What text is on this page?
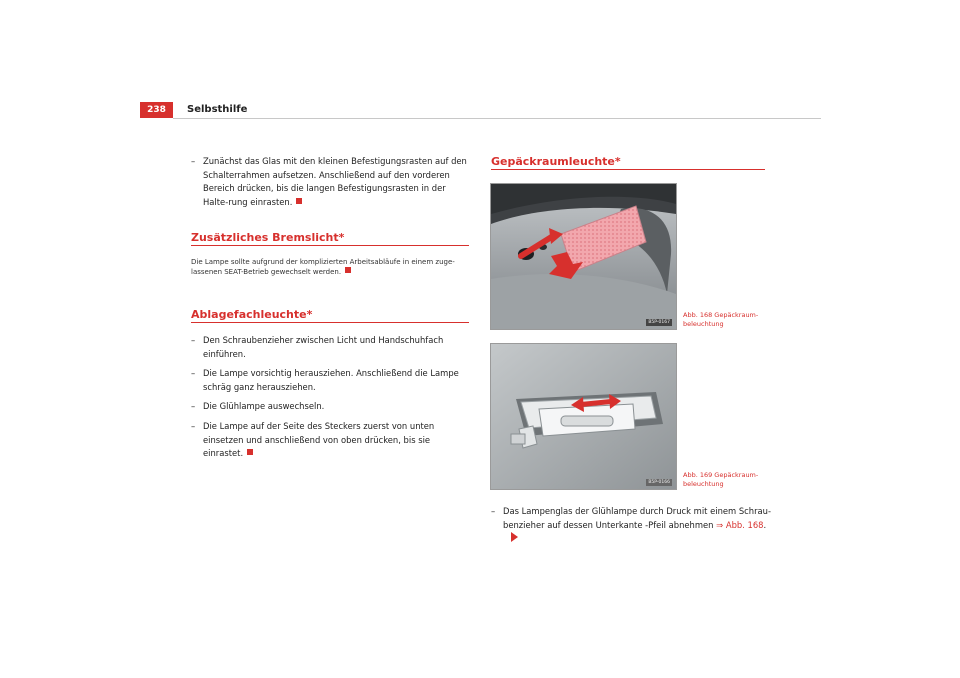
238	Selbsthilfe
– Zunächst das Glas mit den kleinen Befestigungsrasten auf den Schalterrahmen aufsetzen. Anschließend auf den vorderen Bereich drücken, bis die langen Befestigungsrasten in der Halte-rung einrasten.
Zusätzliches Bremslicht*
Die Lampe sollte aufgrund der komplizierten Arbeitsabläufe in einem zuge-lassenen SEAT-Betrieb gewechselt werden.
Ablagefachleuchte*
– Den Schraubenzieher zwischen Licht und Handschuhfach einführen.
– Die Lampe vorsichtig herausziehen. Anschließend die Lampe schräg ganz herausziehen.
– Die Glühlampe auswechseln.
– Die Lampe auf der Seite des Steckers zuerst von unten einsetzen und anschließend von oben drücken, bis sie einrastet.
Gepäckraumleuchte*
B5P-0167
B5P-0166
Abb. 168 Gepäckraum-
beleuchtung
Abb. 169 Gepäckraum-
beleuchtung
– Das Lampenglas der Glühlampe durch Druck mit einem Schrau-benzieher auf dessen Unterkante -Pfeil abnehmen ⇒ Abb. 168.
